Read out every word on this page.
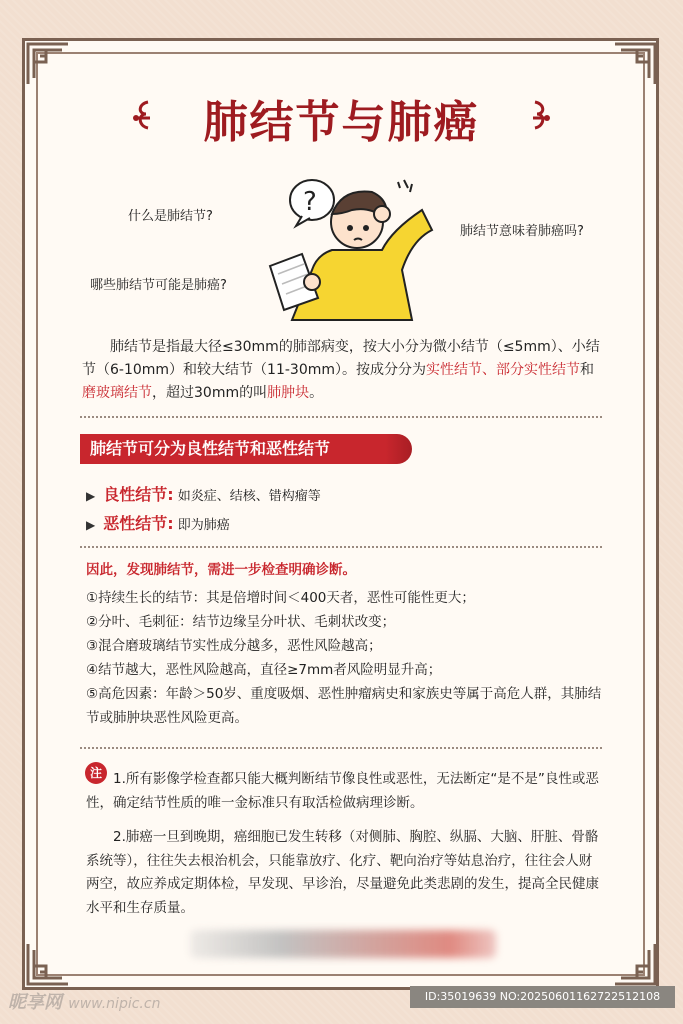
肺结节与肺癌
什么是肺结节?
哪些肺结节可能是肺癌?
肺结节意味着肺癌吗?
?
肺结节是指最大径≤30mm的肺部病变，按大小分为微小结节（≤5mm）、小结节（6-10mm）和较大结节（11-30mm）。按成分分为实性结节、部分实性结节和磨玻璃结节，超过30mm的叫肺肿块。
肺结节可分为良性结节和恶性结节
▶ 良性结节: 如炎症、结核、错构瘤等
▶ 恶性结节: 即为肺癌
因此，发现肺结节，需进一步检查明确诊断。
①持续生长的结节：其是倍增时间＜400天者，恶性可能性更大；
②分叶、毛刺征：结节边缘呈分叶状、毛刺状改变；
③混合磨玻璃结节实性成分越多，恶性风险越高；
④结节越大，恶性风险越高，直径≥7mm者风险明显升高；
⑤高危因素：年龄＞50岁、重度吸烟、恶性肿瘤病史和家族史等属于高危人群，其肺结节或肺肿块恶性风险更高。
注 1.所有影像学检查都只能大概判断结节像良性或恶性，无法断定“是不是”良性或恶性，确定结节性质的唯一金标准只有取活检做病理诊断。
2.肺癌一旦到晚期，癌细胞已发生转移（对侧肺、胸腔、纵膈、大脑、肝脏、骨骼系统等），往往失去根治机会，只能靠放疗、化疗、靶向治疗等姑息治疗，往往会人财两空，故应养成定期体检，早发现、早诊治，尽量避免此类悲剧的发生，提高全民健康水平和生存质量。
昵享网 www.nipic.cn	ID:35019639 NO:20250601162722512108
